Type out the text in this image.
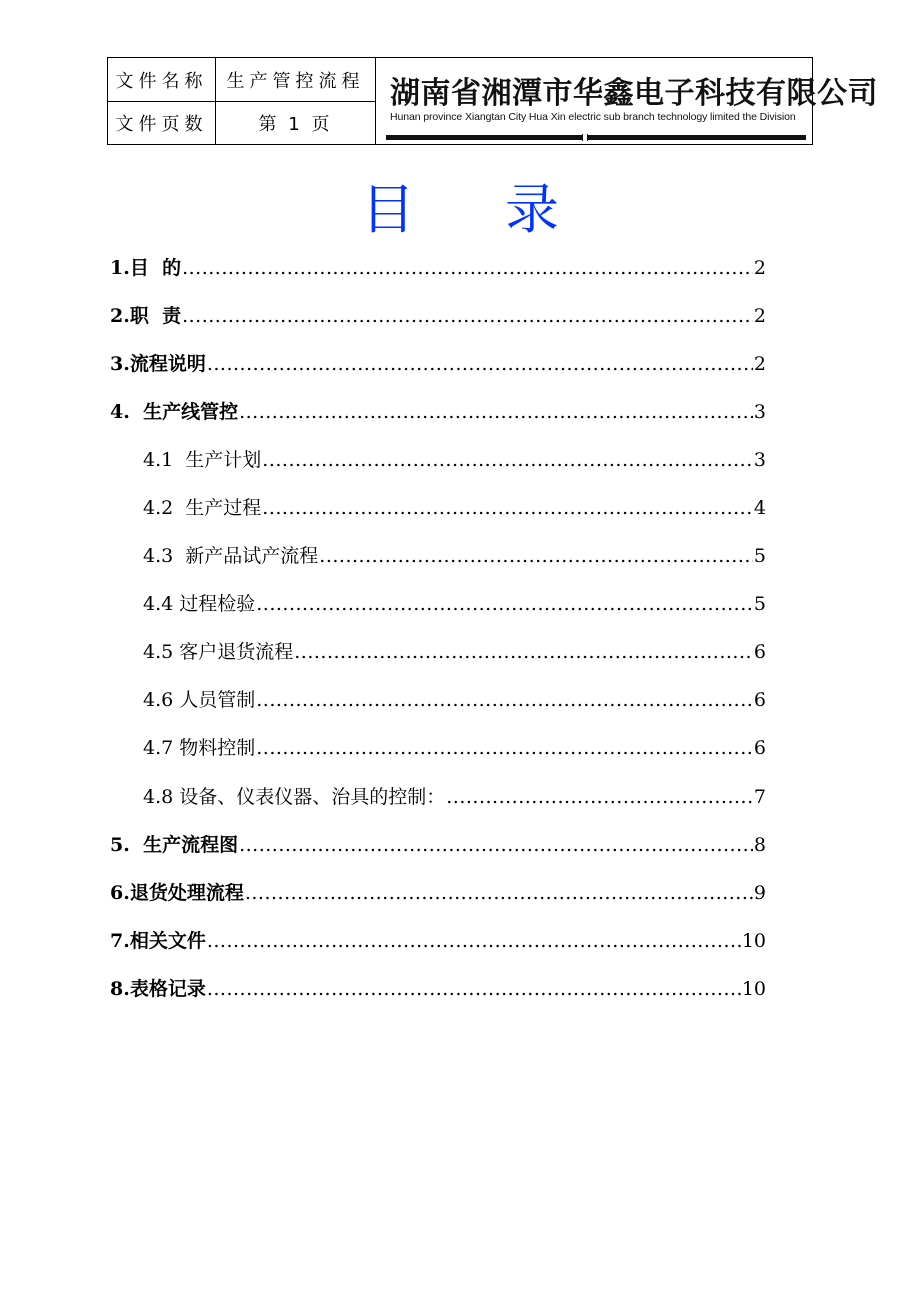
文件名称	生产管控流程
文件页数	第 1 页
湖南省湘潭市华鑫电子科技有限公司
Hunan province Xiangtan City Hua Xin electric sub branch technology limited the Division
目录
1.目  的 .....	2
2.职  责 .....	2
3.流程说明 .....	2
4.  生产线管控 .....	3
4.1  生产计划 .....	3
4.2  生产过程 .....	4
4.3  新产品试产流程 .....	5
4.4 过程检验 .....	5
4.5 客户退货流程 .....	6
4.6 人员管制 .....	6
4.7 物料控制 .....	6
4.8 设备、仪表仪器、治具的控制： .....	7
5.  生产流程图 .....	8
6.退货处理流程 .....	9
7.相关文件 .....	10
8.表格记录 .....	10
